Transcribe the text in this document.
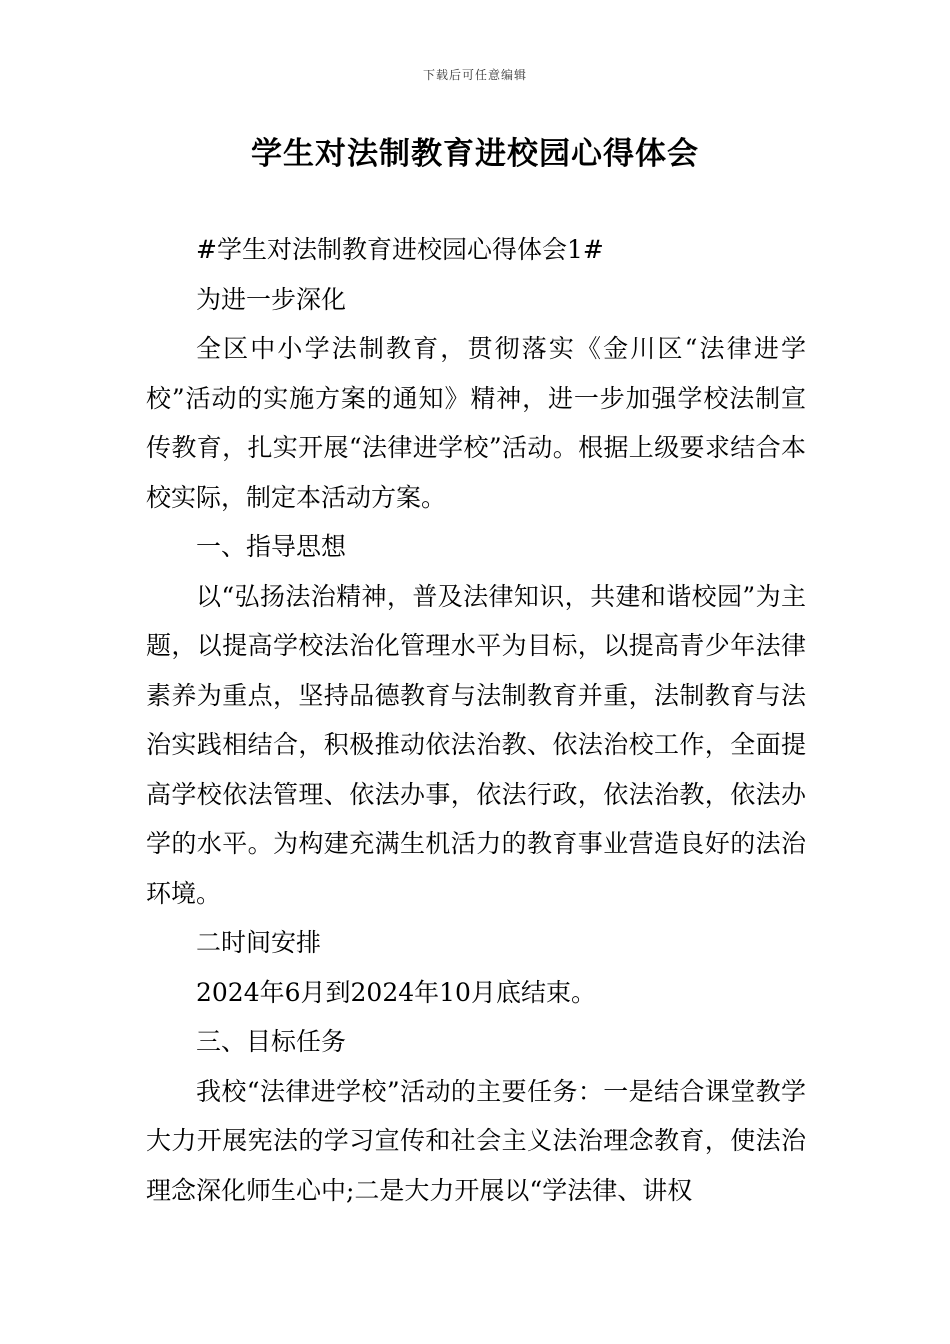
下载后可任意编辑
学生对法制教育进校园心得体会

#学生对法制教育进校园心得体会1#

为进一步深化

全区中小学法制教育，贯彻落实《金川区“法律进学校”活动的实施方案的通知》精神，进一步加强学校法制宣传教育，扎实开展“法律进学校”活动。根据上级要求结合本校实际，制定本活动方案。

一、指导思想

以“弘扬法治精神，普及法律知识，共建和谐校园”为主题，以提高学校法治化管理水平为目标，以提高青少年法律素养为重点，坚持品德教育与法制教育并重，法制教育与法治实践相结合，积极推动依法治教、依法治校工作，全面提高学校依法管理、依法办事，依法行政，依法治教，依法办学的水平。为构建充满生机活力的教育事业营造良好的法治环境。

二时间安排

2024年6月到2024年10月底结束。

三、目标任务

我校“法律进学校”活动的主要任务：一是结合课堂教学大力开展宪法的学习宣传和社会主义法治理念教育，使法治理念深化师生心中;二是大力开展以“学法律、讲权
